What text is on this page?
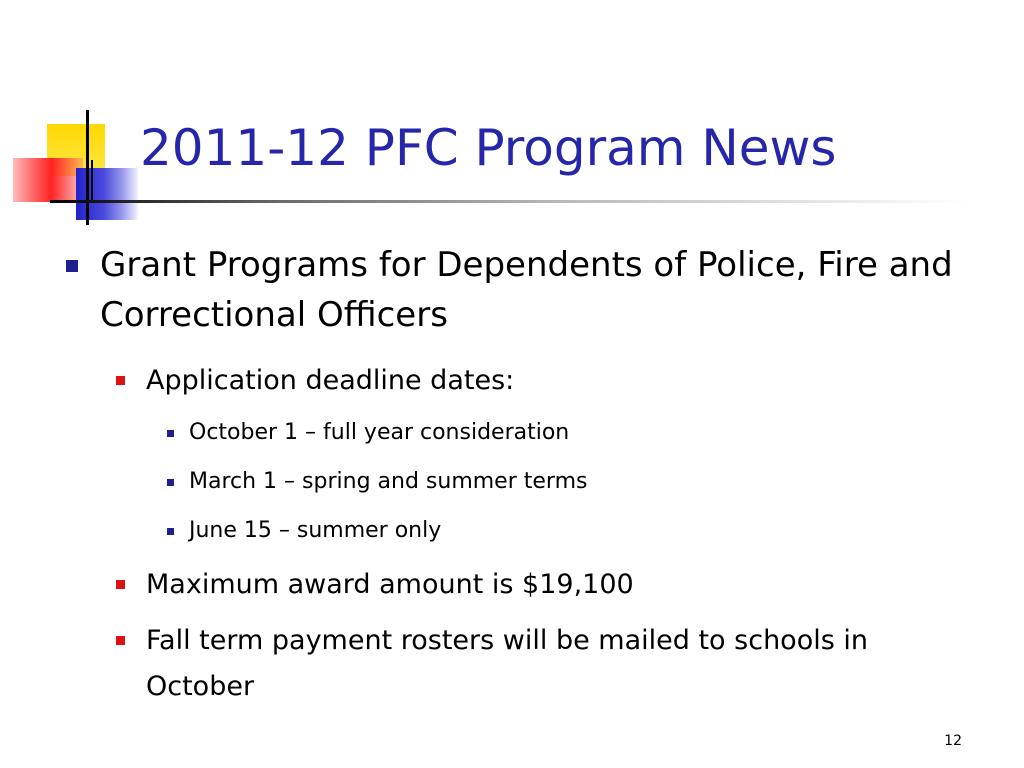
2011-12 PFC Program News
Grant Programs for Dependents of Police, Fire and Correctional Officers
Application deadline dates:
October 1 – full year consideration
March 1 – spring and summer terms
June 15 – summer only
Maximum award amount is $19,100
Fall term payment rosters will be mailed to schools in October
12
